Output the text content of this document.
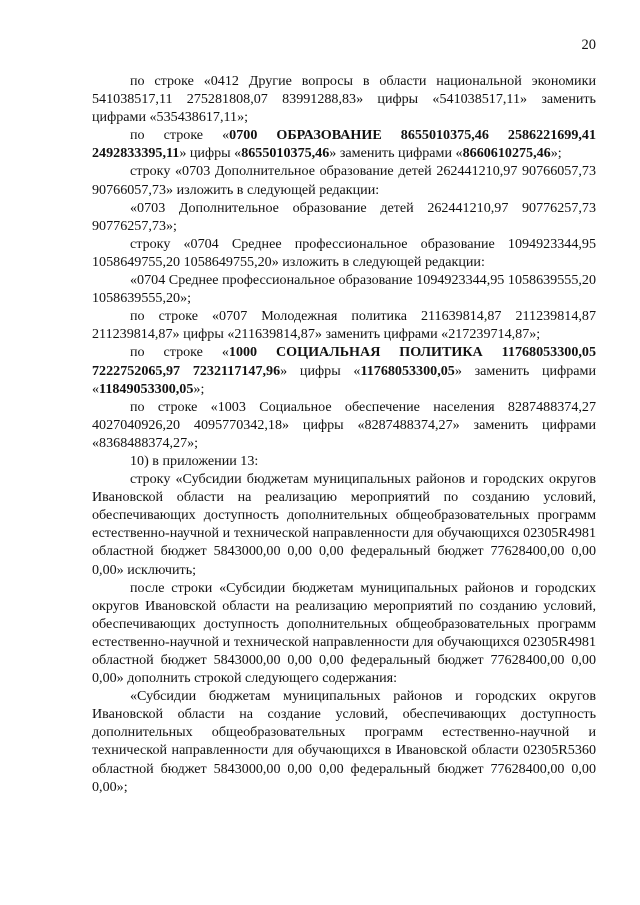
20

по строке «0412 Другие вопросы в области национальной экономики 541038517,11 275281808,07 83991288,83» цифры «541038517,11» заменить цифрами «535438617,11»;

по строке «0700 ОБРАЗОВАНИЕ 8655010375,46 2586221699,41 2492833395,11» цифры «8655010375,46» заменить цифрами «8660610275,46»;

строку «0703 Дополнительное образование детей 262441210,97 90766057,73 90766057,73» изложить в следующей редакции:

«0703 Дополнительное образование детей 262441210,97 90776257,73 90776257,73»;

строку «0704 Среднее профессиональное образование 1094923344,95 1058649755,20 1058649755,20» изложить в следующей редакции:

«0704 Среднее профессиональное образование 1094923344,95 1058639555,20 1058639555,20»;

по строке «0707 Молодежная политика 211639814,87 211239814,87 211239814,87» цифры «211639814,87» заменить цифрами «217239714,87»;

по строке «1000 СОЦИАЛЬНАЯ ПОЛИТИКА 11768053300,05 7222752065,97 7232117147,96» цифры «11768053300,05» заменить цифрами «11849053300,05»;

по строке «1003 Социальное обеспечение населения 8287488374,27 4027040926,20 4095770342,18» цифры «8287488374,27» заменить цифрами «8368488374,27»;

10) в приложении 13:

строку «Субсидии бюджетам муниципальных районов и городских округов Ивановской области на реализацию мероприятий по созданию условий, обеспечивающих доступность дополнительных общеобразовательных программ естественно-научной и технической направленности для обучающихся 02305R4981 областной бюджет 5843000,00 0,00 0,00 федеральный бюджет 77628400,00 0,00 0,00» исключить;

после строки «Субсидии бюджетам муниципальных районов и городских округов Ивановской области на реализацию мероприятий по созданию условий, обеспечивающих доступность дополнительных общеобразовательных программ естественно-научной и технической направленности для обучающихся 02305R4981 областной бюджет 5843000,00 0,00 0,00 федеральный бюджет 77628400,00 0,00 0,00» дополнить строкой следующего содержания:

«Субсидии бюджетам муниципальных районов и городских округов Ивановской области на создание условий, обеспечивающих доступность дополнительных общеобразовательных программ естественно-научной и технической направленности для обучающихся в Ивановской области 02305R5360 областной бюджет 5843000,00 0,00 0,00 федеральный бюджет 77628400,00 0,00 0,00»;
